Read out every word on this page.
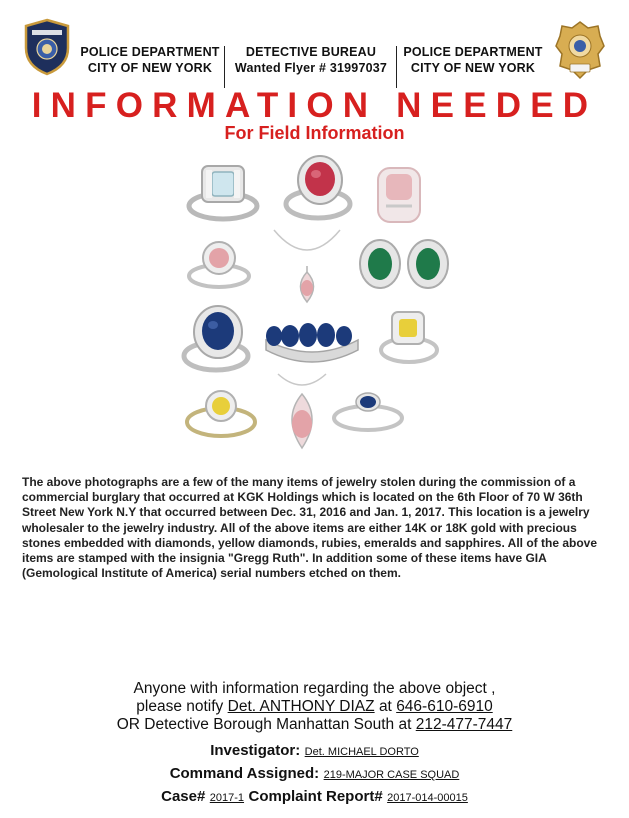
POLICE DEPARTMENT
CITY OF NEW YORK
DETECTIVE BUREAU
Wanted Flyer # 31997037
POLICE DEPARTMENT
CITY OF NEW YORK
INFORMATION NEEDED
For Field Information
The above photographs are a few of the many items of jewelry stolen during the commission of a commercial burglary that occurred at KGK Holdings which is located on the 6th Floor of 70 W 36th Street New York N.Y that occurred between Dec. 31, 2016 and Jan. 1, 2017. This location is a jewelry wholesaler to the jewelry industry. All of the above items are either 14K or 18K gold with precious stones embedded with diamonds, yellow diamonds, rubies, emeralds and sapphires. All of the above items are stamped with the insignia "Gregg Ruth". In addition some of these items have GIA (Gemological Institute of America) serial numbers etched on them.
Anyone with information regarding the above object ,
please notify Det. ANTHONY DIAZ at 646-610-6910
OR Detective Borough Manhattan South at 212-477-7447
Investigator: Det. MICHAEL DORTO
Command Assigned: 219-MAJOR CASE SQUAD
Case# 2017-1 Complaint Report# 2017-014-00015
